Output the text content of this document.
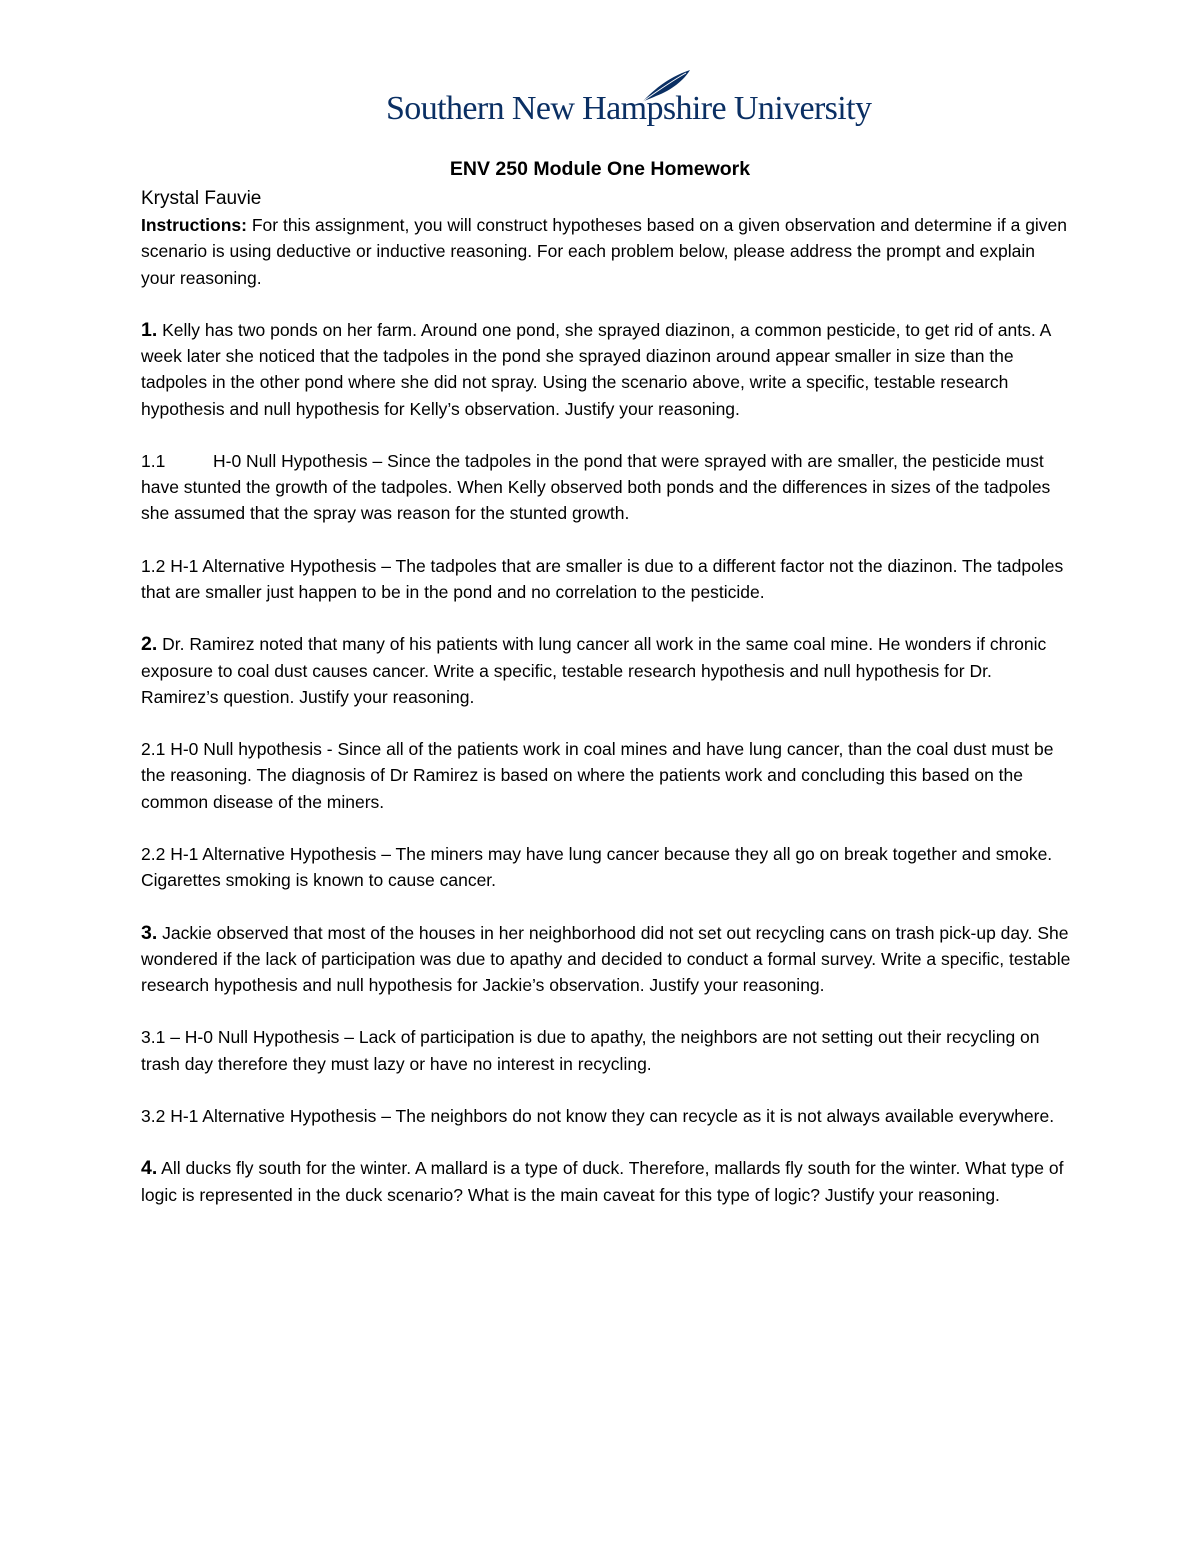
Southern New Hampshire University
ENV 250 Module One Homework

Krystal Fauvie

Instructions: For this assignment, you will construct hypotheses based on a given observation and determine if a given scenario is using deductive or inductive reasoning. For each problem below, please address the prompt and explain your reasoning.

1. Kelly has two ponds on her farm. Around one pond, she sprayed diazinon, a common pesticide, to get rid of ants. A week later she noticed that the tadpoles in the pond she sprayed diazinon around appear smaller in size than the tadpoles in the other pond where she did not spray. Using the scenario above, write a specific, testable research hypothesis and null hypothesis for Kelly’s observation. Justify your reasoning.

1.1	H-0 Null Hypothesis – Since the tadpoles in the pond that were sprayed with are smaller, the pesticide must have stunted the growth of the tadpoles. When Kelly observed both ponds and the differences in sizes of the tadpoles she assumed that the spray was reason for the stunted growth.

1.2 H-1 Alternative Hypothesis – The tadpoles that are smaller is due to a different factor not the diazinon. The tadpoles that are smaller just happen to be in the pond and no correlation to the pesticide.

2. Dr. Ramirez noted that many of his patients with lung cancer all work in the same coal mine. He wonders if chronic exposure to coal dust causes cancer. Write a specific, testable research hypothesis and null hypothesis for Dr. Ramirez’s question. Justify your reasoning.

2.1 H-0 Null hypothesis - Since all of the patients work in coal mines and have lung cancer, than the coal dust must be the reasoning. The diagnosis of Dr Ramirez is based on where the patients work and concluding this based on the common disease of the miners.

2.2 H-1 Alternative Hypothesis – The miners may have lung cancer because they all go on break together and smoke. Cigarettes smoking is known to cause cancer.

3. Jackie observed that most of the houses in her neighborhood did not set out recycling cans on trash pick-up day. She wondered if the lack of participation was due to apathy and decided to conduct a formal survey. Write a specific, testable research hypothesis and null hypothesis for Jackie’s observation. Justify your reasoning.

3.1 – H-0 Null Hypothesis – Lack of participation is due to apathy, the neighbors are not setting out their recycling on trash day therefore they must lazy or have no interest in recycling.

3.2 H-1 Alternative Hypothesis – The neighbors do not know they can recycle as it is not always available everywhere.

4. All ducks fly south for the winter. A mallard is a type of duck. Therefore, mallards fly south for the winter. What type of logic is represented in the duck scenario? What is the main caveat for this type of logic? Justify your reasoning.
